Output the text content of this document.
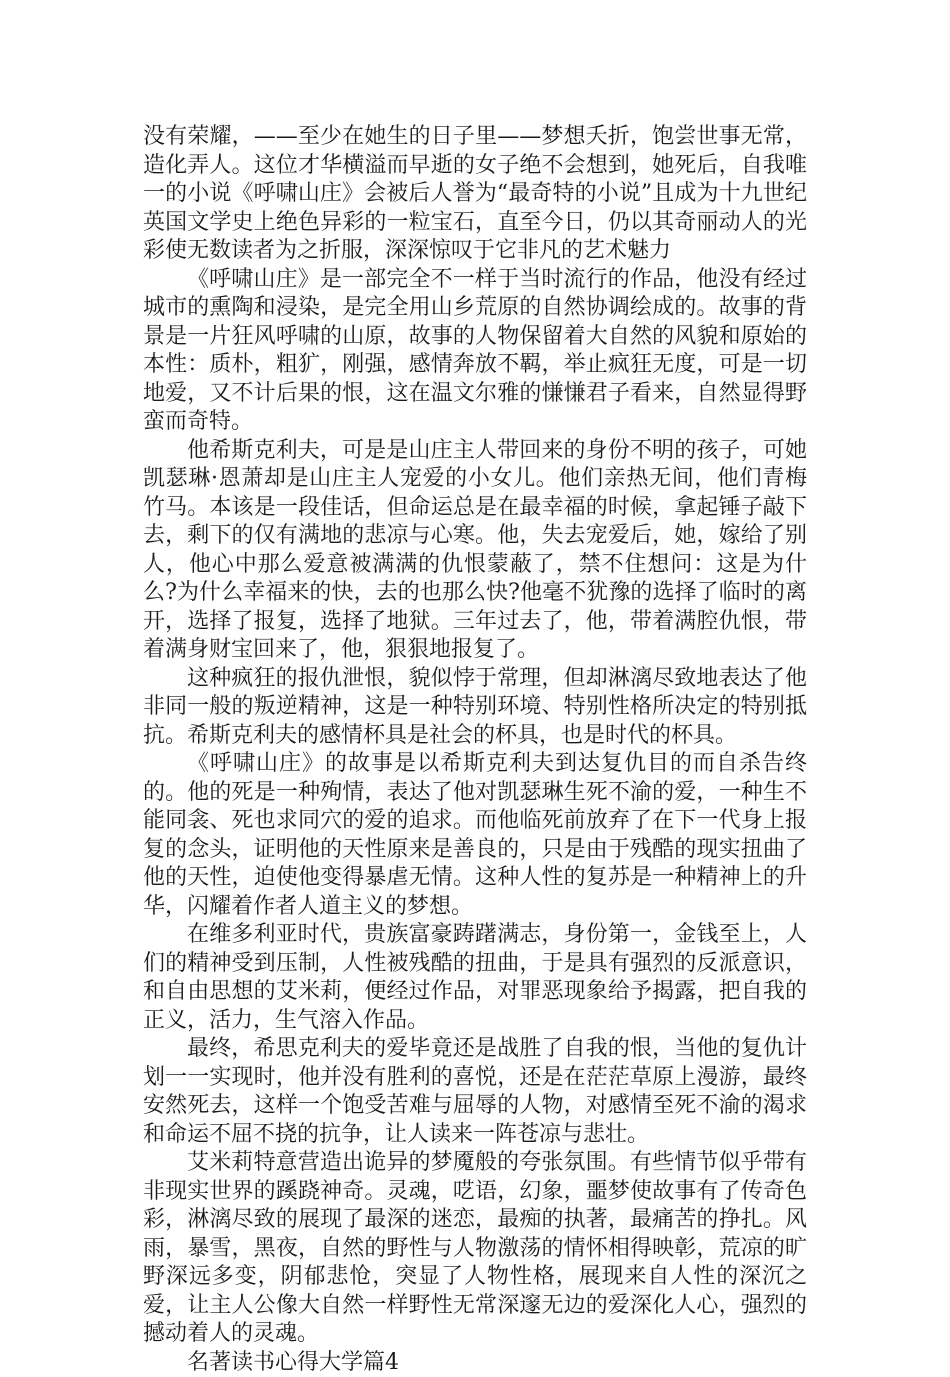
没有荣耀，——至少在她生的日子里——梦想夭折，饱尝世事无常，造化弄人。这位才华横溢而早逝的女子绝不会想到，她死后，自我唯一的小说《呼啸山庄》会被后人誉为“最奇特的小说”且成为十九世纪英国文学史上绝色异彩的一粒宝石，直至今日，仍以其奇丽动人的光彩使无数读者为之折服，深深惊叹于它非凡的艺术魅力

《呼啸山庄》是一部完全不一样于当时流行的作品，他没有经过城市的熏陶和浸染，是完全用山乡荒原的自然协调绘成的。故事的背景是一片狂风呼啸的山原，故事的人物保留着大自然的风貌和原始的本性：质朴，粗犷，刚强，感情奔放不羁，举止疯狂无度，可是一切地爱，又不计后果的恨，这在温文尔雅的慊慊君子看来，自然显得野蛮而奇特。

他希斯克利夫，可是是山庄主人带回来的身份不明的孩子，可她凯瑟琳·恩萧却是山庄主人宠爱的小女儿。他们亲热无间，他们青梅竹马。本该是一段佳话，但命运总是在最幸福的时候，拿起锤子敲下去，剩下的仅有满地的悲凉与心寒。他，失去宠爱后，她，嫁给了别人，他心中那么爱意被满满的仇恨蒙蔽了，禁不住想问：这是为什么?为什么幸福来的快，去的也那么快?他毫不犹豫的选择了临时的离开，选择了报复，选择了地狱。三年过去了，他，带着满腔仇恨，带着满身财宝回来了，他，狠狠地报复了。

这种疯狂的报仇泄恨，貌似悖于常理，但却淋漓尽致地表达了他非同一般的叛逆精神，这是一种特别环境、特别性格所决定的特别抵抗。希斯克利夫的感情杯具是社会的杯具，也是时代的杯具。

《呼啸山庄》的故事是以希斯克利夫到达复仇目的而自杀告终的。他的死是一种殉情，表达了他对凯瑟琳生死不渝的爱，一种生不能同衾、死也求同穴的爱的追求。而他临死前放弃了在下一代身上报复的念头，证明他的天性原来是善良的，只是由于残酷的现实扭曲了他的天性，迫使他变得暴虐无情。这种人性的复苏是一种精神上的升华，闪耀着作者人道主义的梦想。

在维多利亚时代，贵族富豪踌躇满志，身份第一，金钱至上，人们的精神受到压制，人性被残酷的扭曲，于是具有强烈的反派意识，和自由思想的艾米莉，便经过作品，对罪恶现象给予揭露，把自我的正义，活力，生气溶入作品。

最终，希思克利夫的爱毕竟还是战胜了自我的恨，当他的复仇计划一一实现时，他并没有胜利的喜悦，还是在茫茫草原上漫游，最终安然死去，这样一个饱受苦难与屈辱的人物，对感情至死不渝的渴求和命运不屈不挠的抗争，让人读来一阵苍凉与悲壮。

艾米莉特意营造出诡异的梦魇般的夸张氛围。有些情节似乎带有非现实世界的蹊跷神奇。灵魂，呓语，幻象，噩梦使故事有了传奇色彩，淋漓尽致的展现了最深的迷恋，最痴的执著，最痛苦的挣扎。风雨，暴雪，黑夜，自然的野性与人物激荡的情怀相得映彰，荒凉的旷野深远多变，阴郁悲怆，突显了人物性格，展现来自人性的深沉之爱，让主人公像大自然一样野性无常深邃无边的爱深化人心，强烈的撼动着人的灵魂。

名著读书心得大学篇4
